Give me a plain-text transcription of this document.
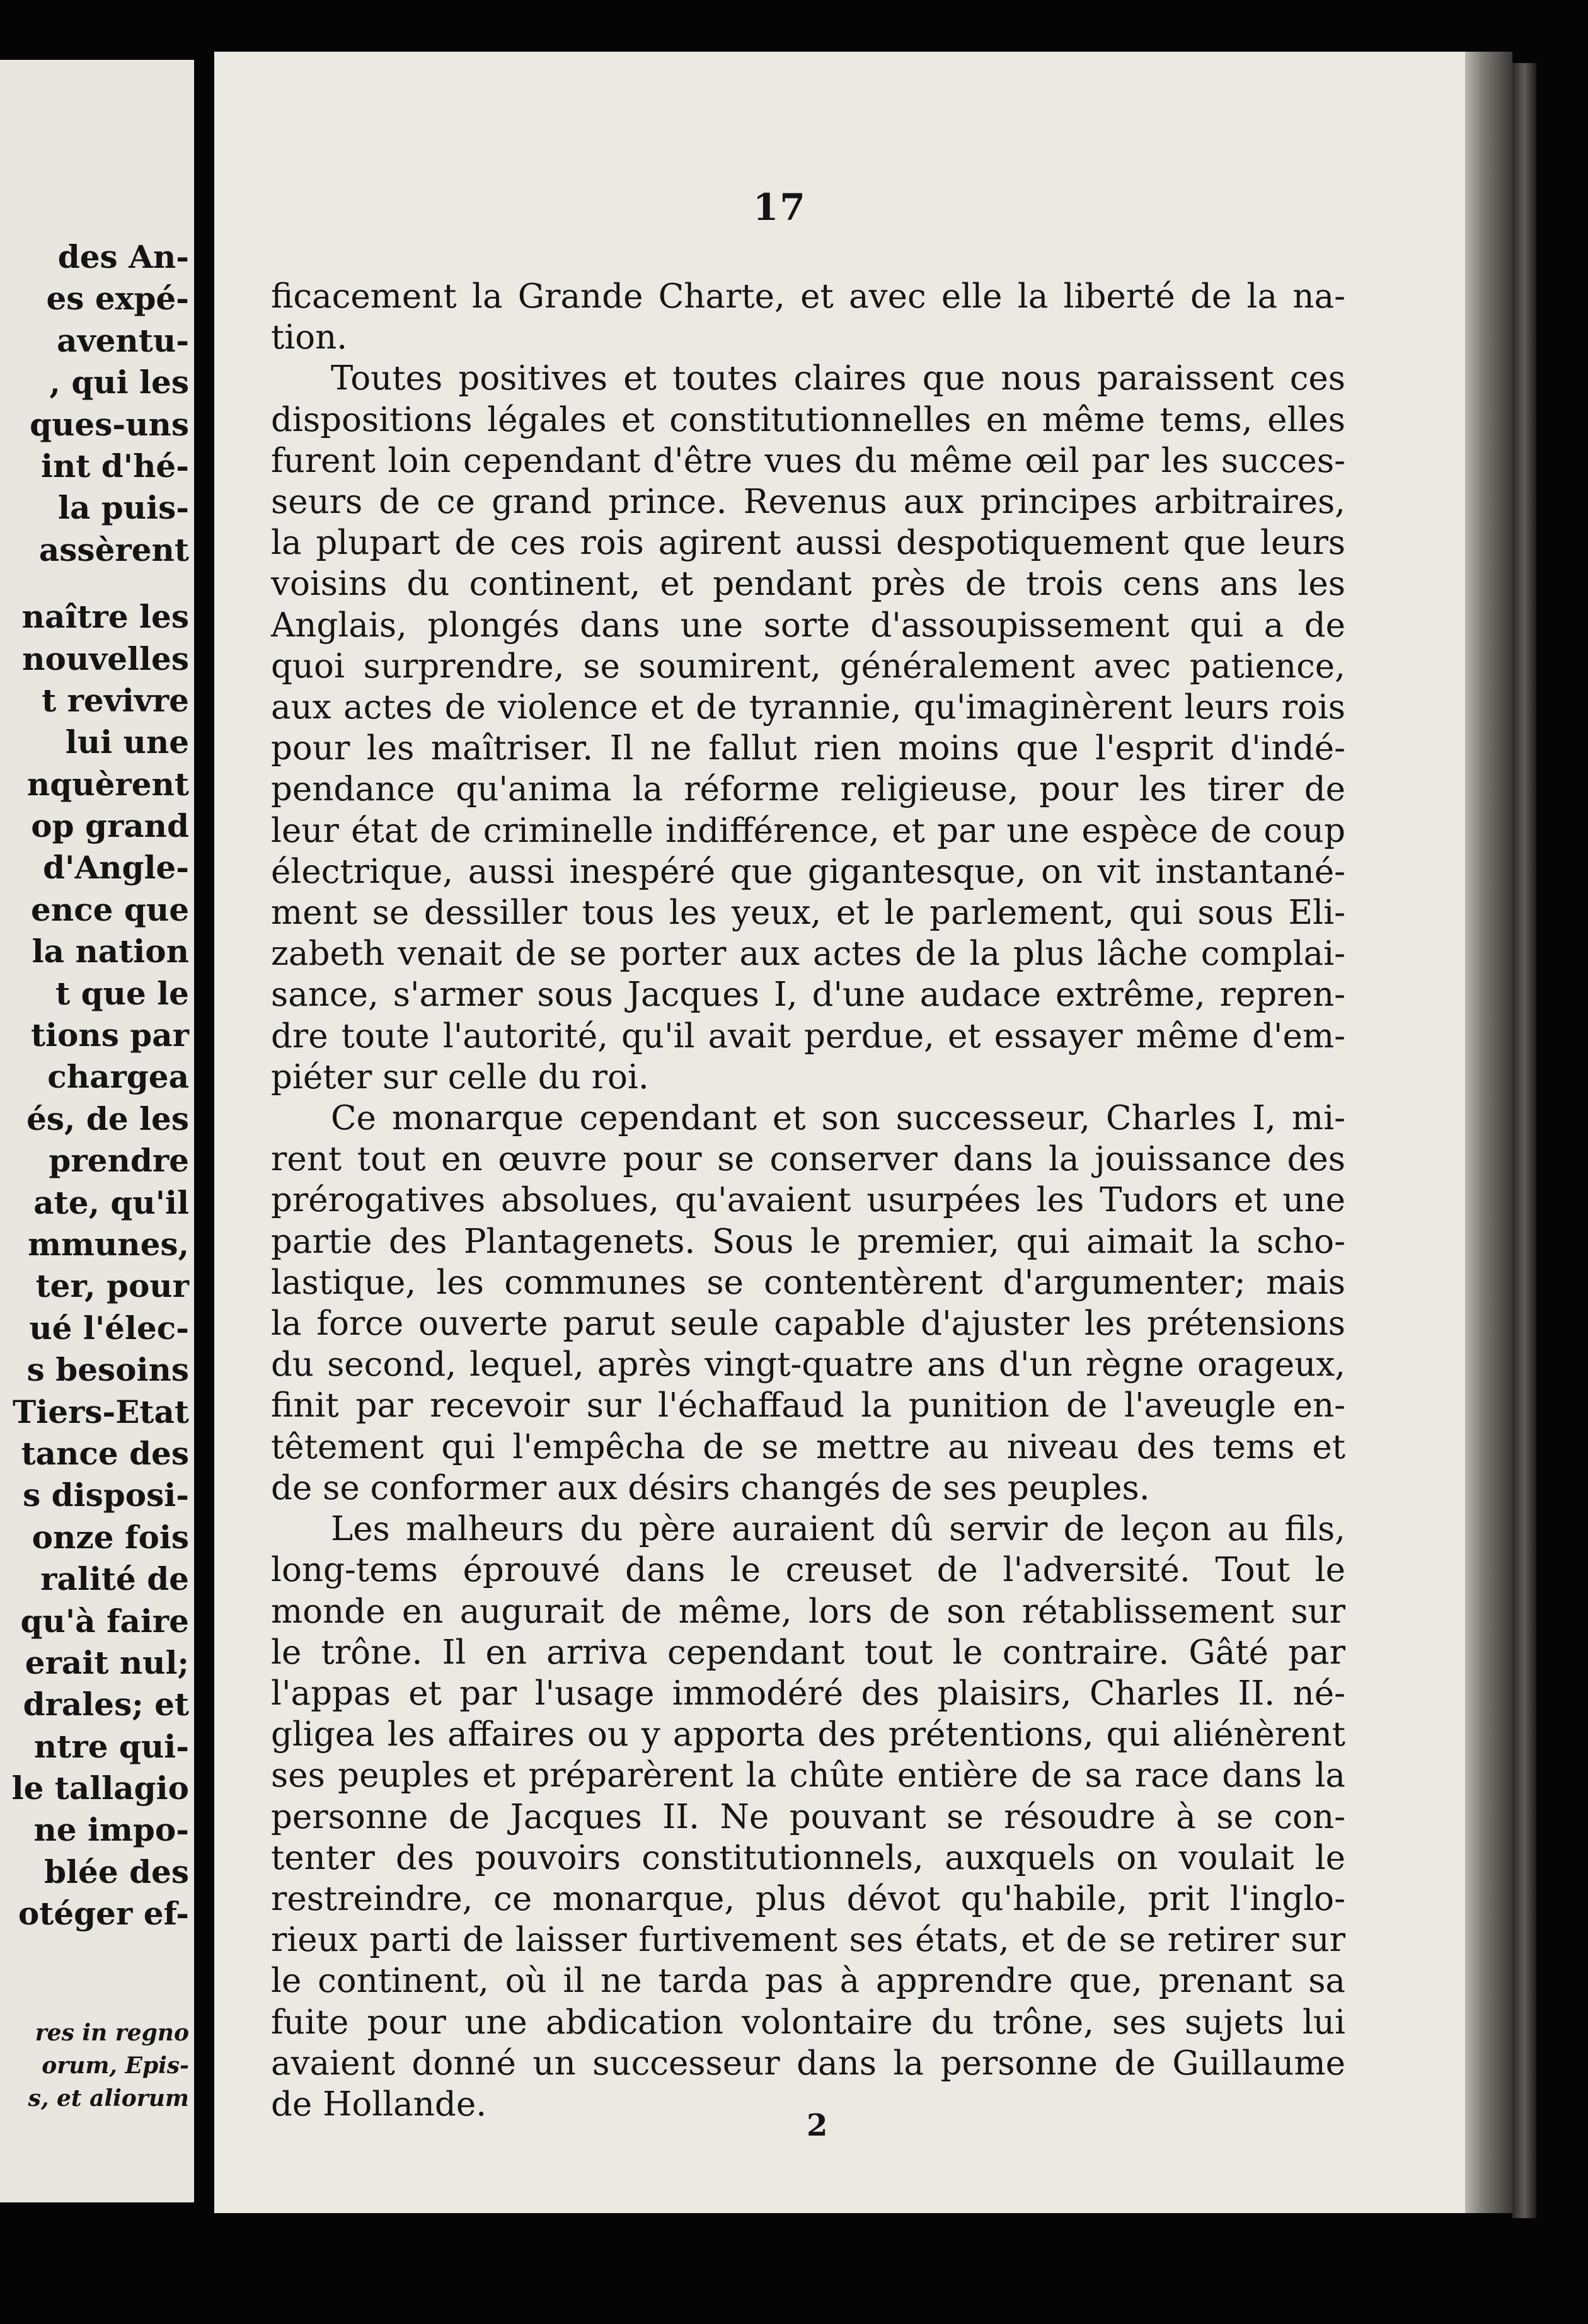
des An-
es expé-
aventu-
, qui les
ques-uns
int d'hé-
la puis-
assèrent
naître les
nouvelles
t revivre
lui une
nquèrent
op grand
d'Angle-
ence que
la nation
t que le
tions par
chargea
és, de les
prendre
ate, qu'il
mmunes,
ter, pour
ué l'élec-
s besoins
Tiers-Etat
tance des
s disposi-
onze fois
ralité de
qu'à faire
erait nul;
drales; et
ntre qui-
le tallagio
ne impo-
blée des
otéger ef-
res in regno
orum, Epis-
s, et aliorum
17

ficacement la Grande Charte, et avec elle la liberté de la na-

tion.

Toutes positives et toutes claires que nous paraissent ces

dispositions légales et constitutionnelles en même tems, elles

furent loin cependant d'être vues du même œil par les succes-

seurs de ce grand prince. Revenus aux principes arbitraires,

la plupart de ces rois agirent aussi despotiquement que leurs

voisins du continent, et pendant près de trois cens ans les

Anglais, plongés dans une sorte d'assoupissement qui a de

quoi surprendre, se soumirent, généralement avec patience,

aux actes de violence et de tyrannie, qu'imaginèrent leurs rois

pour les maîtriser. Il ne fallut rien moins que l'esprit d'indé-

pendance qu'anima la réforme religieuse, pour les tirer de

leur état de criminelle indifférence, et par une espèce de coup

électrique, aussi inespéré que gigantesque, on vit instantané-

ment se dessiller tous les yeux, et le parlement, qui sous Eli-

zabeth venait de se porter aux actes de la plus lâche complai-

sance, s'armer sous Jacques I, d'une audace extrême, repren-

dre toute l'autorité, qu'il avait perdue, et essayer même d'em-

piéter sur celle du roi.

Ce monarque cependant et son successeur, Charles I, mi-

rent tout en œuvre pour se conserver dans la jouissance des

prérogatives absolues, qu'avaient usurpées les Tudors et une

partie des Plantagenets. Sous le premier, qui aimait la scho-

lastique, les communes se contentèrent d'argumenter; mais

la force ouverte parut seule capable d'ajuster les prétensions

du second, lequel, après vingt-quatre ans d'un règne orageux,

finit par recevoir sur l'échaffaud la punition de l'aveugle en-

têtement qui l'empêcha de se mettre au niveau des tems et

de se conformer aux désirs changés de ses peuples.

Les malheurs du père auraient dû servir de leçon au fils,

long-tems éprouvé dans le creuset de l'adversité. Tout le

monde en augurait de même, lors de son rétablissement sur

le trône. Il en arriva cependant tout le contraire. Gâté par

l'appas et par l'usage immodéré des plaisirs, Charles II. né-

gligea les affaires ou y apporta des prétentions, qui aliénèrent

ses peuples et préparèrent la chûte entière de sa race dans la

personne de Jacques II. Ne pouvant se résoudre à se con-

tenter des pouvoirs constitutionnels, auxquels on voulait le

restreindre, ce monarque, plus dévot qu'habile, prit l'inglo-

rieux parti de laisser furtivement ses états, et de se retirer sur

le continent, où il ne tarda pas à apprendre que, prenant sa

fuite pour une abdication volontaire du trône, ses sujets lui

avaient donné un successeur dans la personne de Guillaume

de Hollande.

2
